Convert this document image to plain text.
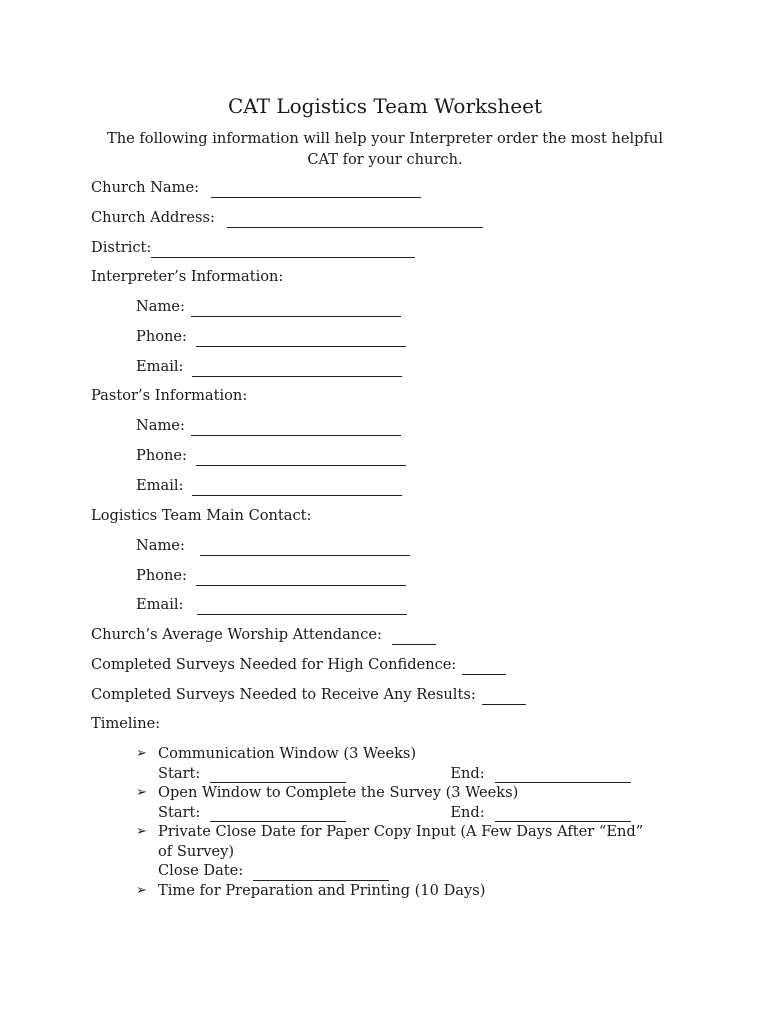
CAT Logistics Team Worksheet
The following information will help your Interpreter order the most helpful CAT for your church.
Church Name:
Church Address:
District:
Interpreter’s Information:
Name:
Phone:
Email:
Pastor’s Information:
Name:
Phone:
Email:
Logistics Team Main Contact:
Name:
Phone:
Email:
Church’s Average Worship Attendance:
Completed Surveys Needed for High Confidence:
Completed Surveys Needed to Receive Any Results:
Timeline:
➢ Communication Window (3 Weeks)
Start:	End:
➢ Open Window to Complete the Survey (3 Weeks)
Start:	End:
➢ Private Close Date for Paper Copy Input (A Few Days After “End”
of Survey)
Close Date:
➢ Time for Preparation and Printing (10 Days)
